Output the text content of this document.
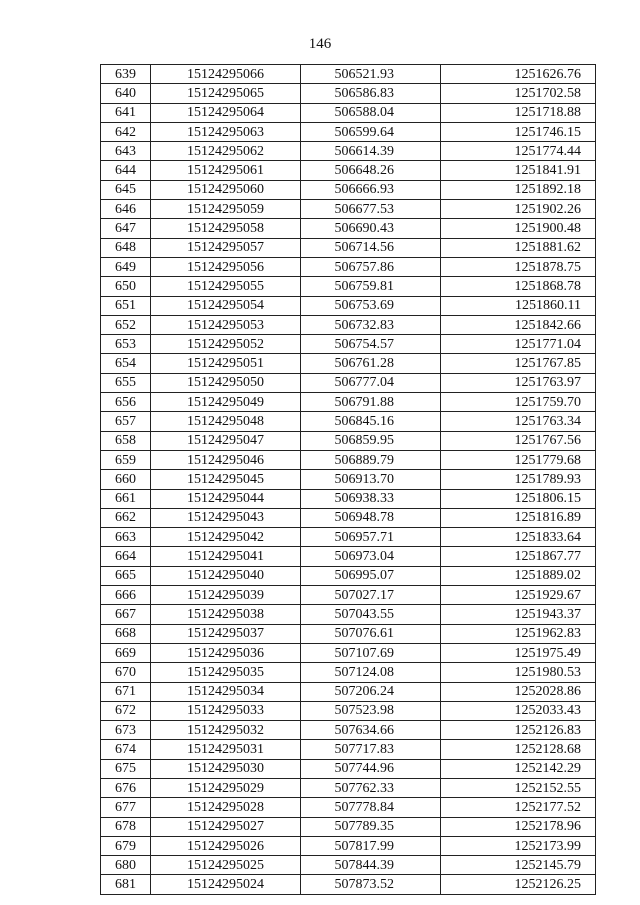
146
639	15124295066	506521.93	1251626.76
640	15124295065	506586.83	1251702.58
641	15124295064	506588.04	1251718.88
642	15124295063	506599.64	1251746.15
643	15124295062	506614.39	1251774.44
644	15124295061	506648.26	1251841.91
645	15124295060	506666.93	1251892.18
646	15124295059	506677.53	1251902.26
647	15124295058	506690.43	1251900.48
648	15124295057	506714.56	1251881.62
649	15124295056	506757.86	1251878.75
650	15124295055	506759.81	1251868.78
651	15124295054	506753.69	1251860.11
652	15124295053	506732.83	1251842.66
653	15124295052	506754.57	1251771.04
654	15124295051	506761.28	1251767.85
655	15124295050	506777.04	1251763.97
656	15124295049	506791.88	1251759.70
657	15124295048	506845.16	1251763.34
658	15124295047	506859.95	1251767.56
659	15124295046	506889.79	1251779.68
660	15124295045	506913.70	1251789.93
661	15124295044	506938.33	1251806.15
662	15124295043	506948.78	1251816.89
663	15124295042	506957.71	1251833.64
664	15124295041	506973.04	1251867.77
665	15124295040	506995.07	1251889.02
666	15124295039	507027.17	1251929.67
667	15124295038	507043.55	1251943.37
668	15124295037	507076.61	1251962.83
669	15124295036	507107.69	1251975.49
670	15124295035	507124.08	1251980.53
671	15124295034	507206.24	1252028.86
672	15124295033	507523.98	1252033.43
673	15124295032	507634.66	1252126.83
674	15124295031	507717.83	1252128.68
675	15124295030	507744.96	1252142.29
676	15124295029	507762.33	1252152.55
677	15124295028	507778.84	1252177.52
678	15124295027	507789.35	1252178.96
679	15124295026	507817.99	1252173.99
680	15124295025	507844.39	1252145.79
681	15124295024	507873.52	1252126.25
